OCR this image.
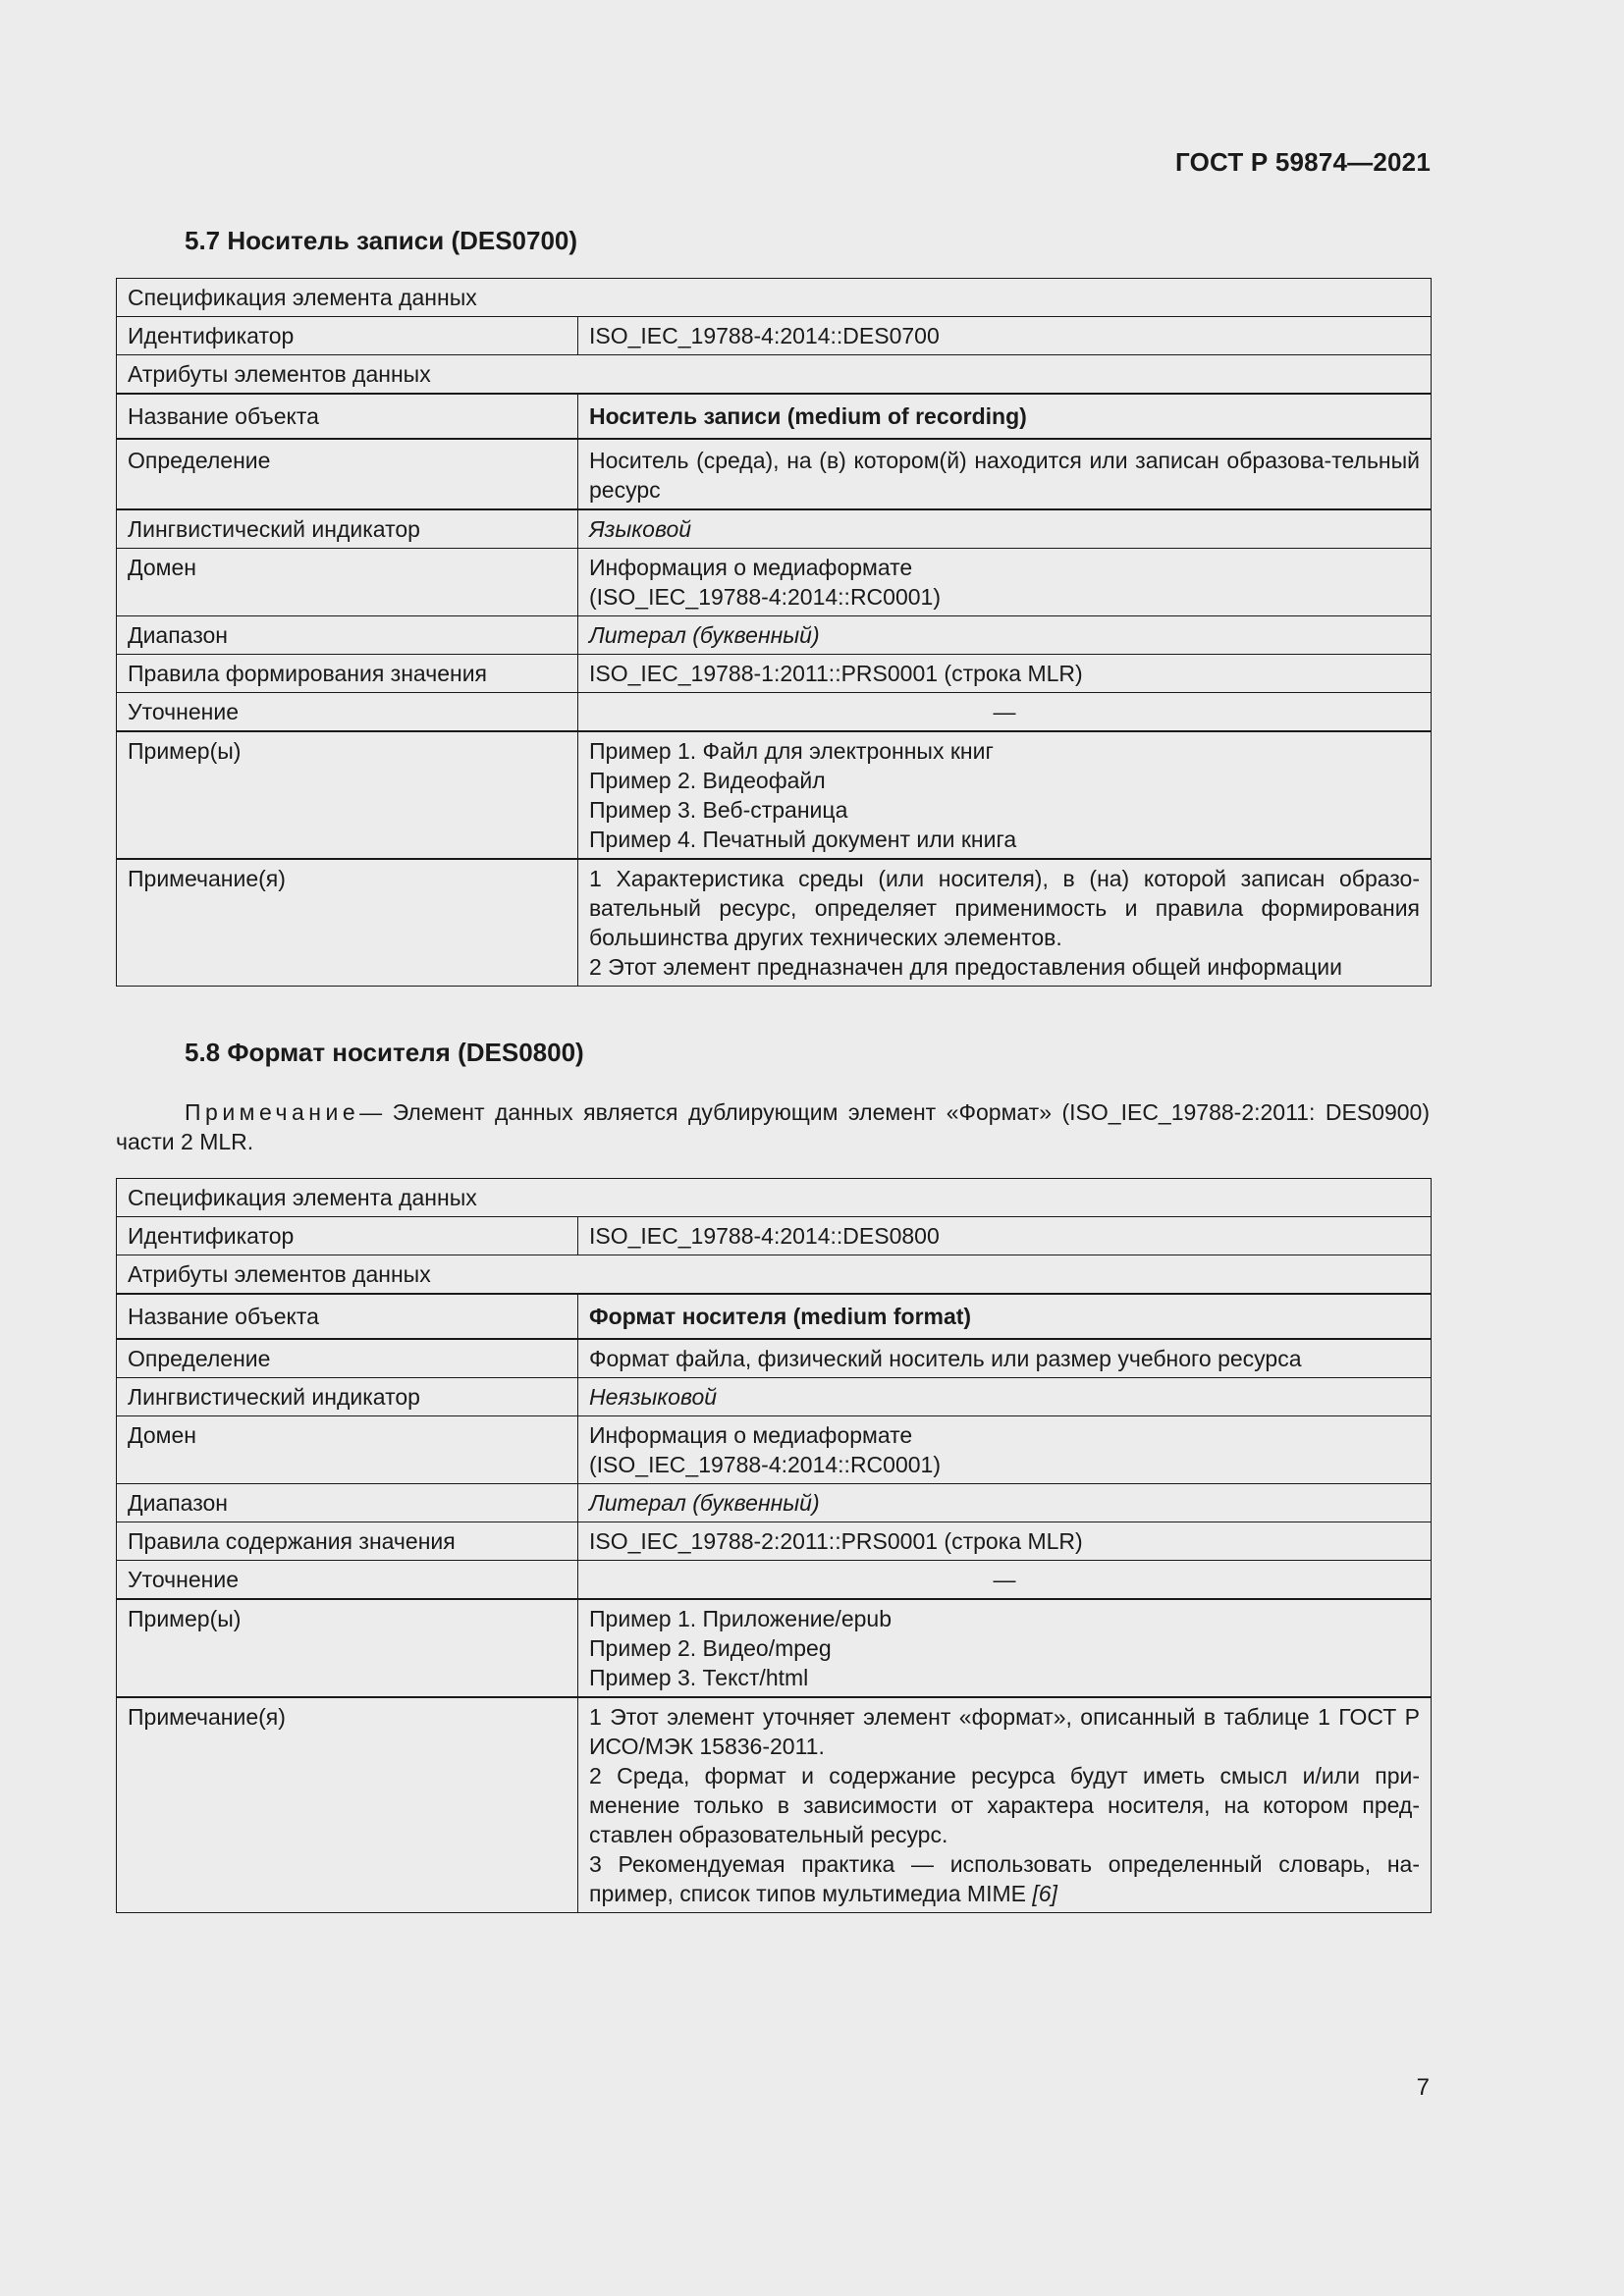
ГОСТ Р 59874—2021
5.7 Носитель записи (DES0700)
Спецификация элемента данных	
Идентификатор	ISO_IEC_19788-4:2014::DES0700
Атрибуты элементов данных	
Название объекта	Носитель записи (medium of recording)
Определение	Носитель (среда), на (в) котором(й) находится или записан образова-тельный ресурс
Лингвистический индикатор	Языковой
Домен	Информация о медиаформате
(ISO_IEC_19788-4:2014::RC0001)

Диапазон	Литерал (буквенный)
Правила формирования значения	ISO_IEC_19788-1:2011::PRS0001 (строка MLR)
Уточнение	—
Пример(ы)	Пример 1. Файл для электронных книг
Пример 2. Видеофайл
Пример 3. Веб-страница
Пример 4. Печатный документ или книга

Примечание(я)	1 Характеристика среды (или носителя), в (на) которой записан образо-вательный ресурс, определяет применимость и правила формирования большинства других технических элементов.
2 Этот элемент предназначен для предоставления общей информации
5.8 Формат носителя (DES0800)
Примечание— Элемент данных является дублирующим элемент «Формат» (ISO_IEC_19788-2:2011: DES0900) части 2 MLR.
Спецификация элемента данных	
Идентификатор	ISO_IEC_19788-4:2014::DES0800
Атрибуты элементов данных	
Название объекта	Формат носителя (medium format)
Определение	Формат файла, физический носитель или размер учебного ресурса
Лингвистический индикатор	Неязыковой
Домен	Информация о медиаформате
(ISO_IEC_19788-4:2014::RC0001)

Диапазон	Литерал (буквенный)
Правила содержания значения	ISO_IEC_19788-2:2011::PRS0001 (строка MLR)
Уточнение	—
Пример(ы)	Пример 1. Приложение/epub
Пример 2. Видео/mpeg
Пример 3. Текст/html

Примечание(я)	1 Этот элемент уточняет элемент «формат», описанный в таблице 1 ГОСТ Р ИСО/МЭК 15836-2011.
2 Среда, формат и содержание ресурса будут иметь смысл и/или при-менение только в зависимости от характера носителя, на котором пред-ставлен образовательный ресурс.
3 Рекомендуемая практика — использовать определенный словарь, на-пример, список типов мультимедиа MIME [6]
7
